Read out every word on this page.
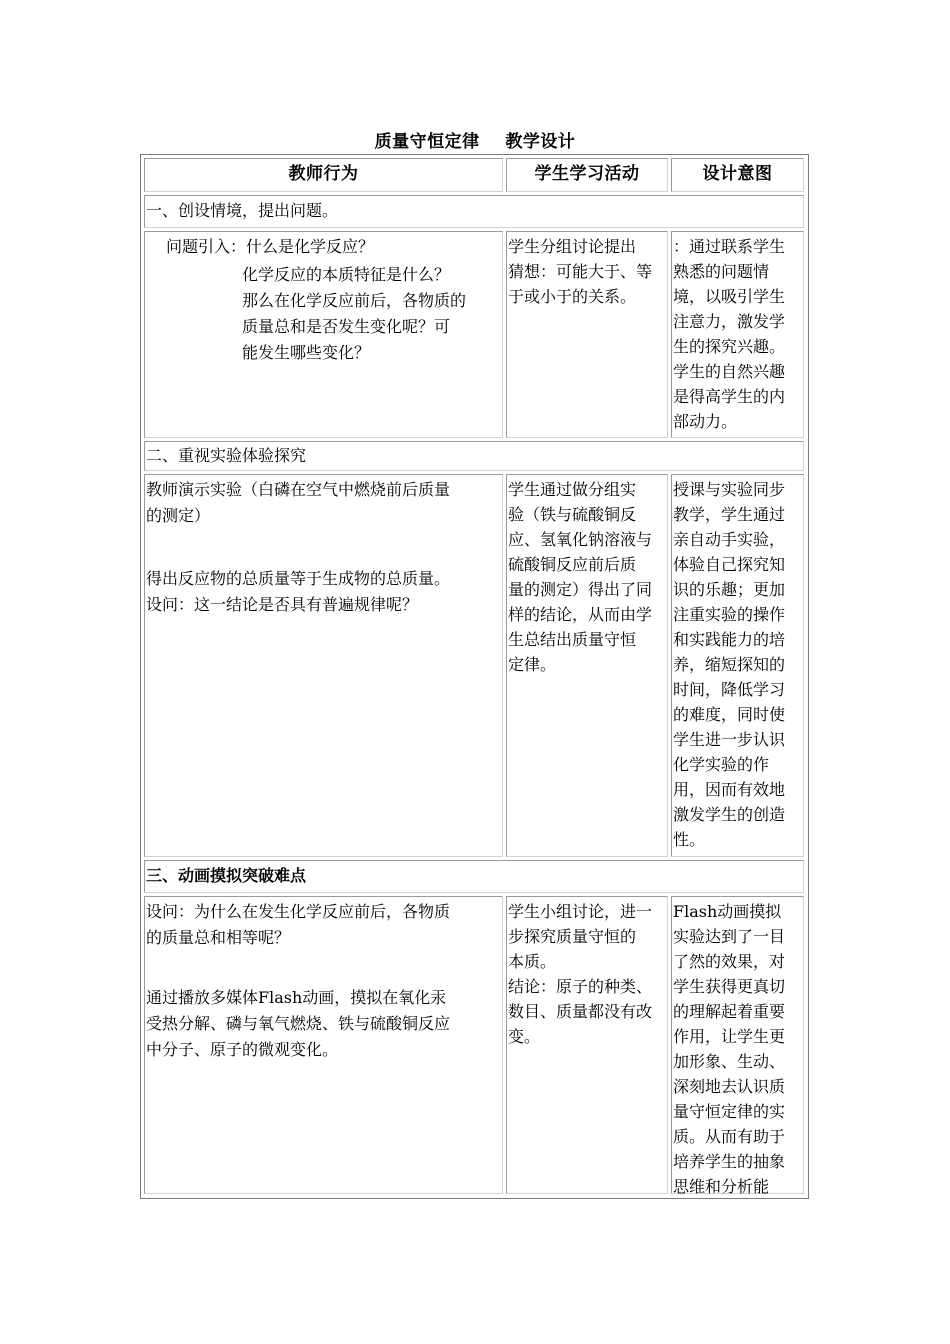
质量守恒定律    教学设计
教师行为	学生学习活动	设计意图
一、创设情境，提出问题。
问题引入：什么是化学反应？
化学反应的本质特征是什么？
那么在化学反应前后，各物质的
质量总和是否发生变化呢？可
能发生哪些变化？
学生分组讨论提出
猜想：可能大于、等
于或小于的关系。
：通过联系学生
熟悉的问题情
境，以吸引学生
注意力，激发学
生的探究兴趣。
学生的自然兴趣
是得高学生的内
部动力。
二、重视实验体验探究
教师演示实验（白磷在空气中燃烧前后质量
的测定）
得出反应物的总质量等于生成物的总质量。
设问：这一结论是否具有普遍规律呢？
学生通过做分组实
验（铁与硫酸铜反
应、氢氧化钠溶液与
硫酸铜反应前后质
量的测定）得出了同
样的结论，从而由学
生总结出质量守恒
定律。
授课与实验同步
教学，学生通过
亲自动手实验，
体验自己探究知
识的乐趣；更加
注重实验的操作
和实践能力的培
养，缩短探知的
时间，降低学习
的难度，同时使
学生进一步认识
化学实验的作
用，因而有效地
激发学生的创造
性。
三、动画摸拟突破难点
设问：为什么在发生化学反应前后，各物质
的质量总和相等呢？
通过播放多媒体Flash动画，摸拟在氧化汞
受热分解、磷与氧气燃烧、铁与硫酸铜反应
中分子、原子的微观变化。
学生小组讨论，进一
步探究质量守恒的
本质。
结论：原子的种类、
数目、质量都没有改
变。
Flash动画摸拟
实验达到了一目
了然的效果，对
学生获得更真切
的理解起着重要
作用，让学生更
加形象、生动、
深刻地去认识质
量守恒定律的实
质。从而有助于
培养学生的抽象
思维和分析能
